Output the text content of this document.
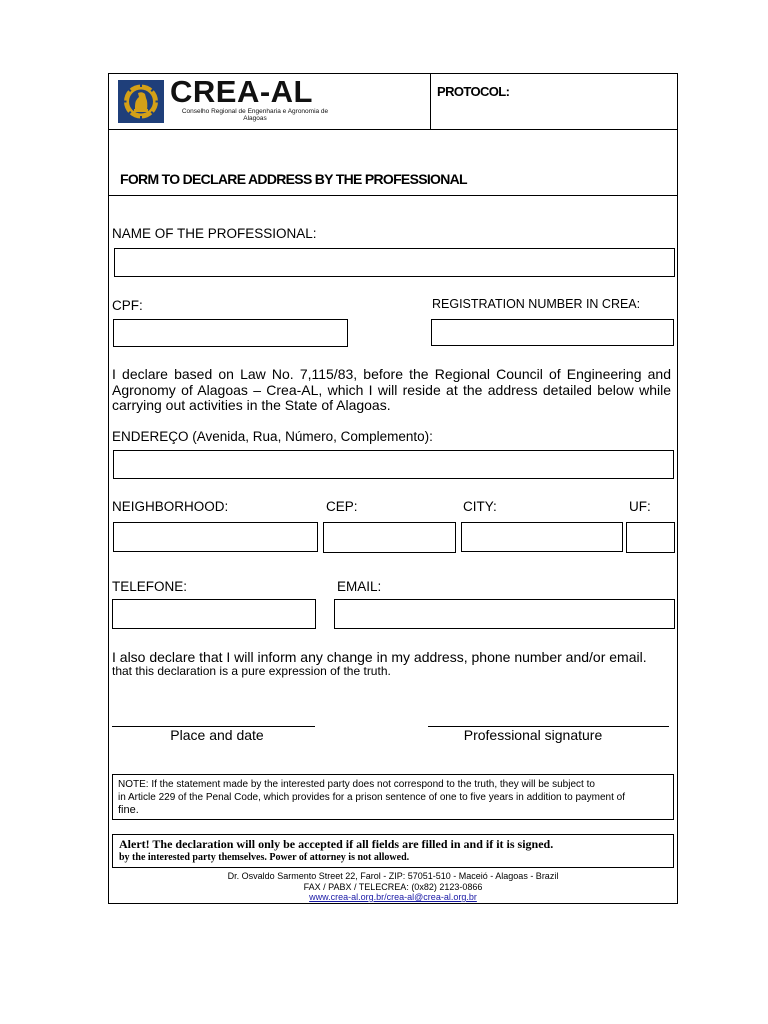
CREA-AL
Conselho Regional de Engenharia e Agronomia de Alagoas
PROTOCOL:
FORM TO DECLARE ADDRESS BY THE PROFESSIONAL
NAME OF THE PROFESSIONAL:
CPF:	REGISTRATION NUMBER IN CREA:
I declare based on Law No. 7,115/83, before the Regional Council of Engineering and Agronomy of Alagoas – Crea-AL, which I will reside at the address detailed below while carrying out activities in the State of Alagoas.
ENDEREÇO (Avenida, Rua, Número, Complemento):
NEIGHBORHOOD:	CEP:	CITY:	UF:
TELEFONE:	EMAIL:
I also declare that I will inform any change in my address, phone number and/or email.
that this declaration is a pure expression of the truth.
Place and date	Professional signature
NOTE: If the statement made by the interested party does not correspond to the truth, they will be subject to
in Article 229 of the Penal Code, which provides for a prison sentence of one to five years in addition to payment of
fine.
Alert! The declaration will only be accepted if all fields are filled in and if it is signed.
by the interested party themselves. Power of attorney is not allowed.
Dr. Osvaldo Sarmento Street 22, Farol - ZIP: 57051-510 - Maceió - Alagoas - Brazil
FAX / PABX / TELECREA: (0x82) 2123-0866
www.crea-al.org.br/crea-al@crea-al.org.br
